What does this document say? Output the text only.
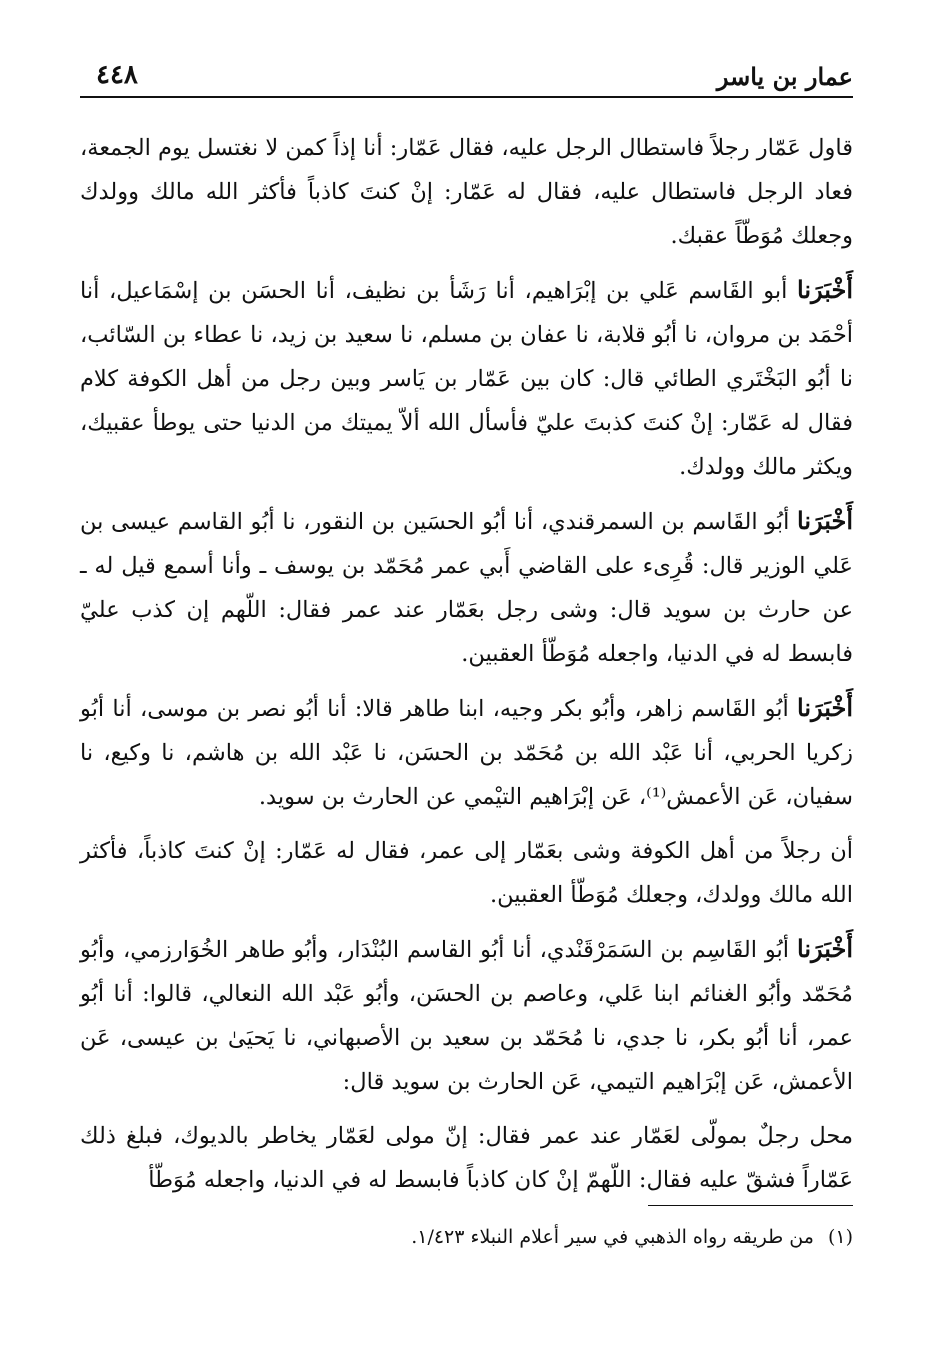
٤٤٨	عمار بن ياسر

قاول عَمّار رجلاً فاستطال الرجل عليه، فقال عَمّار: أنا إذاً كمن لا نغتسل يوم الجمعة، فعاد الرجل فاستطال عليه، فقال له عَمّار: إنْ كنتَ كاذباً فأكثر الله مالك وولدك وجعلك مُوَطّاً عقبك.

أَخْبَرَنا أبو القَاسم عَلي بن إبْرَاهيم، أنا رَشَأ بن نظيف، أنا الحسَن بن إسْمَاعيل، أنا أحْمَد بن مروان، نا أبُو قلابة، نا عفان بن مسلم، نا سعيد بن زيد، نا عطاء بن السّائب، نا أبُو البَخْتَري الطائي قال: كان بين عَمّار بن يَاسر وبين رجل من أهل الكوفة كلام فقال له عَمّار: إنْ كنتَ كذبتَ عليّ فأسأل الله ألاّ يميتك من الدنيا حتى يوطأ عقبيك، ويكثر مالك وولدك.

أَخْبَرَنا أبُو القَاسم بن السمرقندي، أنا أبُو الحسَين بن النقور، نا أبُو القاسم عيسى بن عَلي الوزير قال: قُرِىء على القاضي أَبي عمر مُحَمّد بن يوسف ـ وأنا أسمع قيل له ـ عن حارث بن سويد قال: وشى رجل بعَمّار عند عمر فقال: اللّهم إن كذب عليّ فابسط له في الدنيا، واجعله مُوَطّأ العقبين.

أَخْبَرَنا أبُو القَاسم زاهر، وأبُو بكر وجيه، ابنا طاهر قالا: أنا أبُو نصر بن موسى، أنا أبُو زكريا الحربي، أنا عَبْد الله بن مُحَمّد بن الحسَن، نا عَبْد الله بن هاشم، نا وكيع، نا سفيان، عَن الأعمش⁽¹⁾، عَن إبْرَاهيم التيْمي عن الحارث بن سويد.

أن رجلاً من أهل الكوفة وشى بعَمّار إلى عمر، فقال له عَمّار: إنْ كنتَ كاذباً، فأكثر الله مالك وولدك، وجعلك مُوَطّأ العقبين.

أَخْبَرَنا أبُو القَاسِم بن السَمَرْقَنْدي، أنا أبُو القاسم البُنْدَار، وأبُو طاهر الخُوَارزمي، وأبُو مُحَمّد وأبُو الغنائم ابنا عَلي، وعاصم بن الحسَن، وأبُو عَبْد الله النعالي، قالوا: أنا أبُو عمر، أنا أبُو بكر، نا جدي، نا مُحَمّد بن سعيد بن الأصبهاني، نا يَحيَىٰ بن عيسى، عَن الأعمش، عَن إبْرَاهيم التيمي، عَن الحارث بن سويد قال:

محل رجلٌ بمولّى لعَمّار عند عمر فقال: إنّ مولى لعَمّار يخاطر بالديوك، فبلغ ذلك عَمّاراً فشقّ عليه فقال: اللّهمّ إنْ كان كاذباً فابسط له في الدنيا، واجعله مُوَطّأ

(١)من طريقه رواه الذهبي في سير أعلام النبلاء ١/٤٢٣.
